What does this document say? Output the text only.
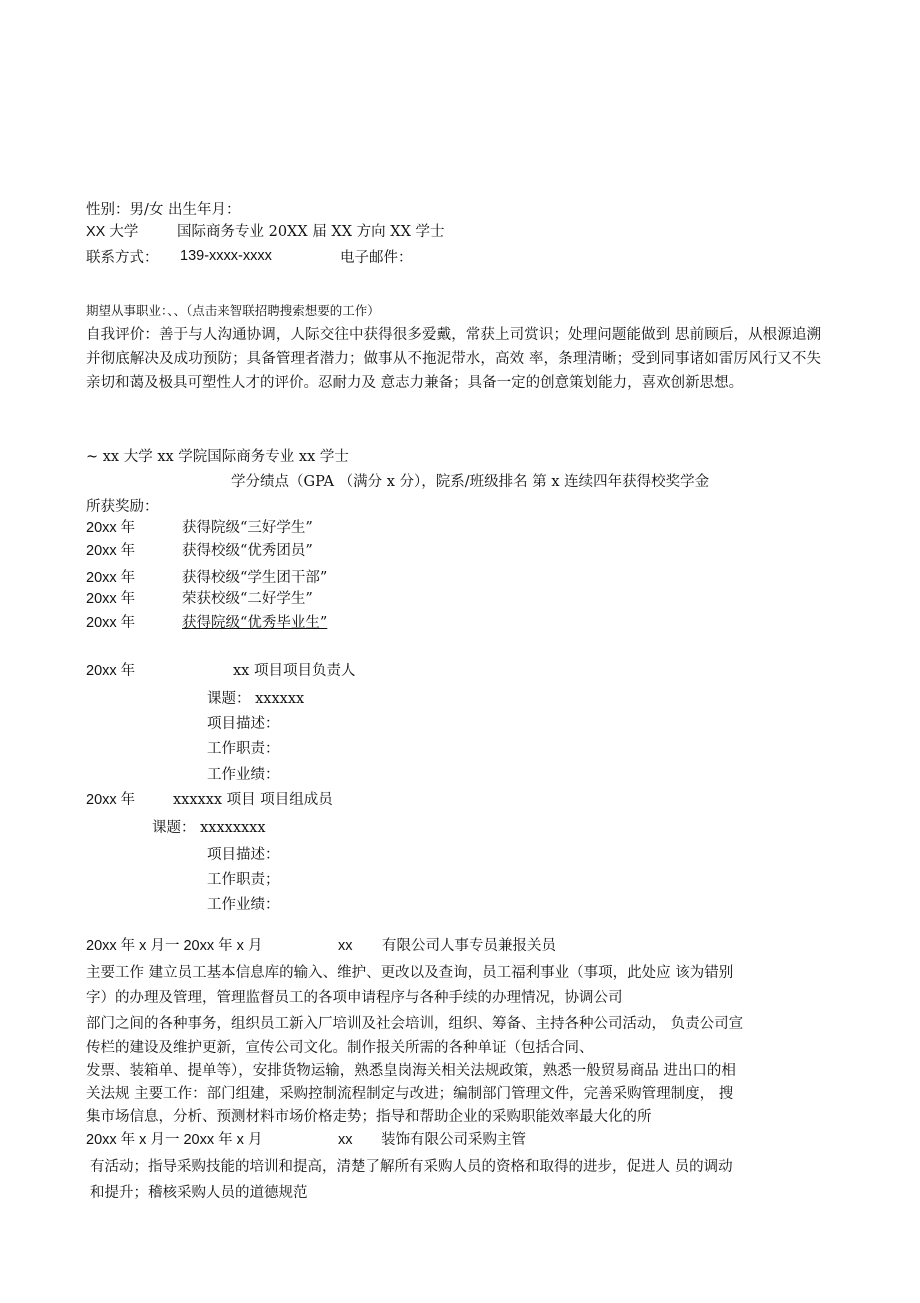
性别：男/女 出生年月：
XX 大学	国际商务专业 20XX 届 XX 方向 XX 学士
联系方式： 139-xxxx-xxxx	电子邮件：
期望从事职业：、、（点击来智联招聘搜索想要的工作）
自我评价：善于与人沟通协调，人际交往中获得很多爱戴，常获上司赏识；处理问题能做到 思前顾后，从根源追溯并彻底解决及成功预防；具备管理者潜力；做事从不拖泥带水，高效 率，条理清晰；受到同事诸如雷厉风行又不失亲切和蔼及极具可塑性人才的评价。忍耐力及 意志力兼备；具备一定的创意策划能力，喜欢创新思想。
~ xx 大学 xx 学院国际商务专业 xx 学士
学分绩点（GPA （满分 x 分），院系/班级排名 第 x 连续四年获得校奖学金
所获奖励：
20xx 年	获得院级“三好学生”
20xx 年	获得校级“优秀团员”
20xx 年	获得校级“学生团干部”
20xx 年	荣获校级“二好学生”
20xx 年	获得院级“优秀毕业生”
20xx 年	xx 项目项目负责人
课题： xxxxxx
项目描述：
工作职责：
工作业绩：
20xx 年	xxxxxx 项目 项目组成员
课题： xxxxxxxx
项目描述：
工作职责；
工作业绩：
20xx 年 x 月一 20xx 年 x 月	xx 有限公司人事专员兼报关员
主要工作 建立员工基本信息库的输入、维护、更改以及查询，员工福利事业（事项，此处应 该为错别
字）的办理及管理，管理监督员工的各项申请程序与各种手续的办理情况，协调公司
部门之间的各种事务，组织员工新入厂培训及社会培训，组织、筹备、主持各种公司活动， 负责公司宣
传栏的建设及维护更新，宣传公司文化。制作报关所需的各种单证（包括合同、
发票、装箱单、提单等），安排货物运输，熟悉皇岗海关相关法规政策，熟悉一般贸易商品 进出口的相
关法规 主要工作：部门组建，采购控制流程制定与改进；编制部门管理文件，完善采购管理制度， 搜
集市场信息，分析、预测材料市场价格走势；指导和帮助企业的采购职能效率最大化的所
20xx 年 x 月一 20xx 年 x 月	xx 装饰有限公司采购主管
有活动；指导采购技能的培训和提高，清楚了解所有采购人员的资格和取得的进步，促进人 员的调动
和提升；稽核采购人员的道德规范
